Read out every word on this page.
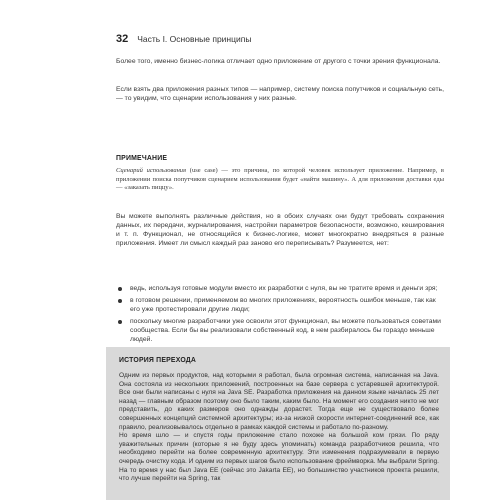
32 Часть I. Основные принципы

Более того, именно бизнес-логика отличает одно приложение от другого с точки зрения функционала.

Если взять два приложения разных типов — например, систему поиска попутчиков и социальную сеть, — то увидим, что сценарии использования у них разные.

ПРИМЕЧАНИЕ

Сценарий использования (use case) — это причина, по которой человек использует приложение. Например, в приложении поиска попутчиков сценарием использования будет «найти машину». А для приложения доставки еды — «заказать пиццу».

Вы можете выполнять различные действия, но в обоих случаях они будут требовать сохранения данных, их передачи, журналирования, настройки параметров безопасности, возможно, кеширования и т. п. Функционал, не относящийся к бизнес-логике, может многократно внедряться в разные приложения. Имеет ли смысл каждый раз заново его переписывать? Разумеется, нет:

ведь, используя готовые модули вместо их разработки с нуля, вы не тратите время и деньги зря;
в готовом решении, применяемом во многих приложениях, вероятность ошибок меньше, так как его уже протестировали другие люди;
поскольку многие разработчики уже освоили этот функционал, вы можете пользоваться советами сообщества. Если бы вы реализовали собственный код, в нем разбиралось бы гораздо меньше людей.
ИСТОРИЯ ПЕРЕХОДА

Одним из первых продуктов, над которыми я работал, была огромная система, написанная на Java. Она состояла из нескольких приложений, построенных на базе сервера с устаревшей архитектурой. Все они были написаны с нуля на Java SE. Разработка приложения на данном языке началась 25 лет назад — главным образом поэтому оно было таким, каким было. На момент его создания никто не мог представить, до каких размеров оно однажды дорастет. Тогда еще не существовало более совершенных концепций системной архитектуры; из-за низкой скорости интернет-соединений все, как правило, реализовывалось отдельно в рамках каждой системы и работало по-разному.

Но время шло — и спустя годы приложение стало похоже на большой ком грязи. По ряду уважительных причин (которые я не буду здесь упоминать) команда разработчиков решила, что необходимо перейти на более современную архитектуру. Эти изменения подразумевали в первую очередь очистку кода. И одним из первых шагов было использование фреймворка. Мы выбрали Spring. На то время у нас был Java EE (сейчас это Jakarta EE), но большинство участников проекта решили, что лучше перейти на Spring, так
